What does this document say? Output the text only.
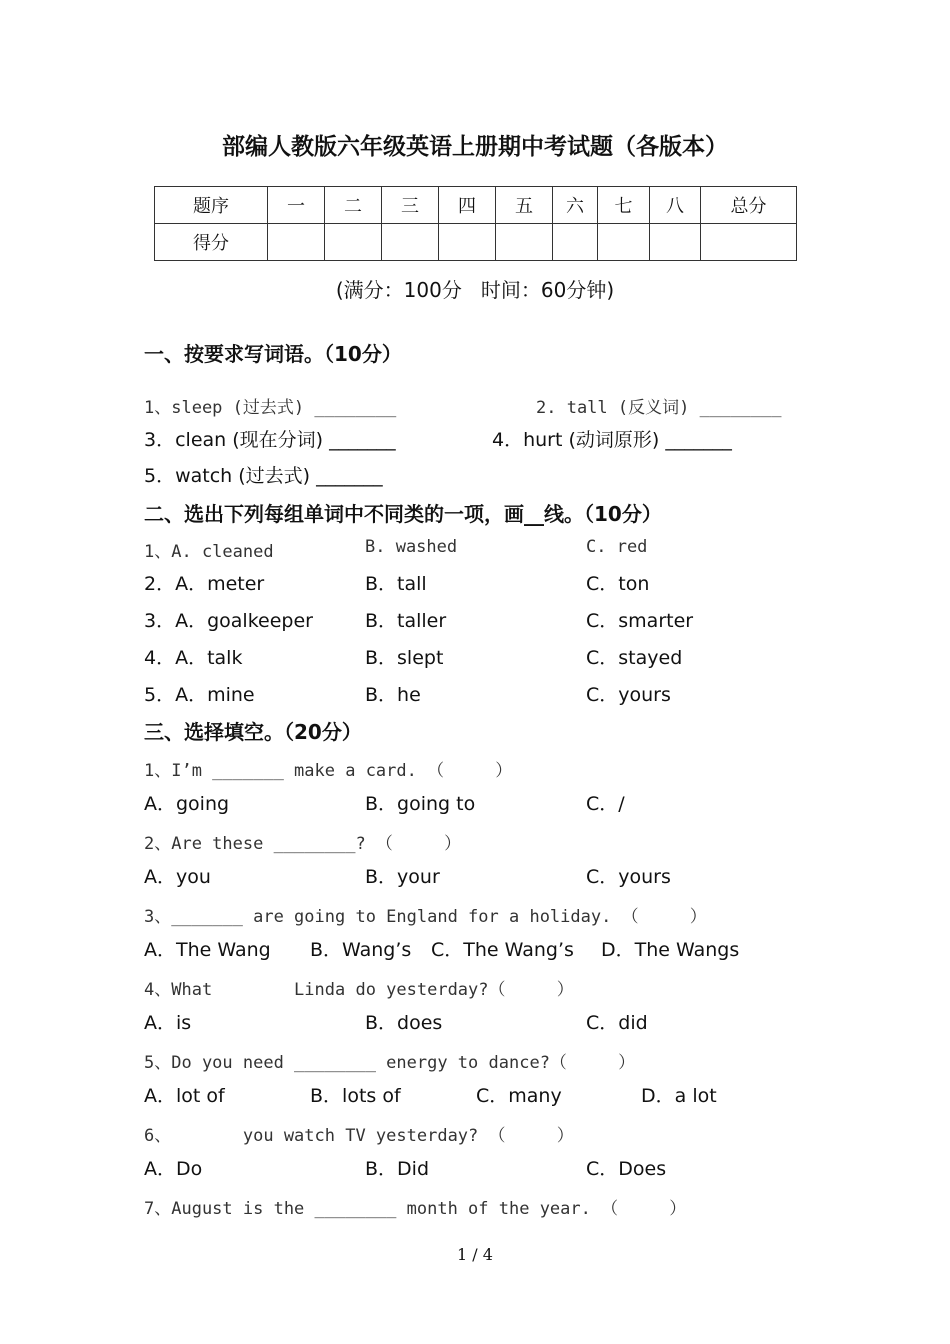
部编人教版六年级英语上册期中考试题（各版本）
题序	一	二	三	四	五	六	七	八	总分
得分									
(满分：100分   时间：60分钟)
一、按要求写词语。（10分）
1、sleep (过去式) ________	2. tall (反义词) ________
3．clean (现在分词) _______	4．hurt (动词原形) _______
5．watch (过去式) _______
二、选出下列每组单词中不同类的一项，画__线。（10分）
1、A. cleaned	B. washed	C. red
2．A．meter	B．tall	C．ton
3．A．goalkeeper	B．taller	C．smarter
4．A．talk	B．slept	C．stayed
5．A．mine	B．he	C．yours
三、选择填空。（20分）
1、I’m _______ make a card. （     ）
A．going	B．going to	C．/
2、Are these ________? （     ）
A．you	B．your	C．yours
3、_______ are going to England for a holiday. （     ）
A．The Wang B．Wang’s C．The Wang’s D．The Wangs
4、What        Linda do yesterday?（     ）
A．is	B．does	C．did
5、Do you need ________ energy to dance?（     ）
A．lot of	B．lots of	C．many	D．a lot
6、       you watch TV yesterday? （     ）
A．Do	B．Did	C．Does
7、August is the ________ month of the year. （     ）
1 / 4
